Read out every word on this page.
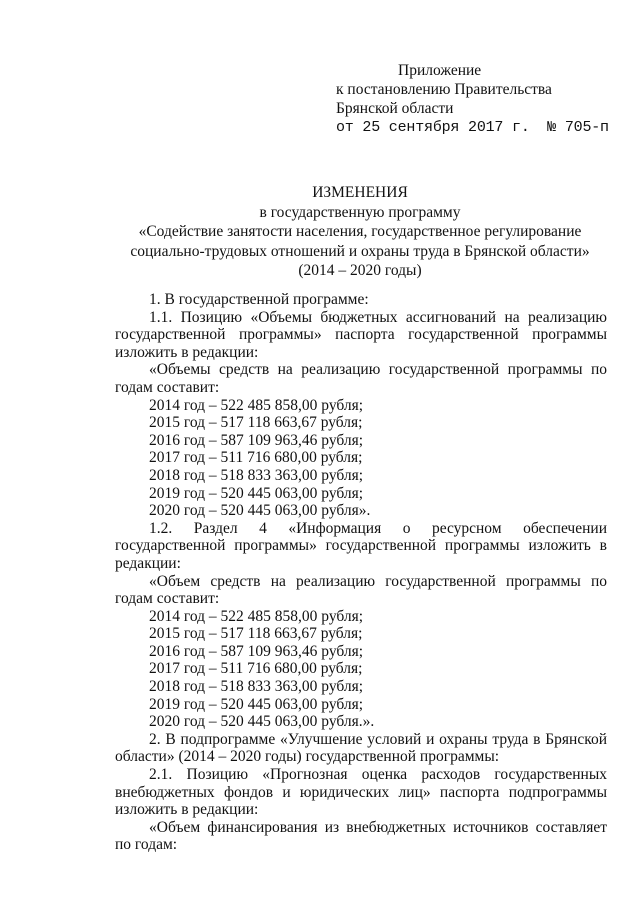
Приложение
к постановлению Правительства
Брянской области
от 25 сентября 2017 г.  № 705-п
ИЗМЕНЕНИЯ
в государственную программу
«Содействие занятости населения, государственное регулирование
социально-трудовых отношений и охраны труда в Брянской области»
(2014 – 2020 годы)

1. В государственной программе:

1.1. Позицию «Объемы бюджетных ассигнований на реализацию государственной программы» паспорта государственной программы изложить в редакции:

«Объемы средств на реализацию государственной программы по годам составит:

2014 год – 522 485 858,00 рубля;

2015 год – 517 118 663,67 рубля;

2016 год – 587 109 963,46 рубля;

2017 год – 511 716 680,00 рубля;

2018 год – 518 833 363,00 рубля;

2019 год – 520 445 063,00 рубля;

2020 год – 520 445 063,00 рубля».

1.2. Раздел 4 «Информация о ресурсном обеспечении государственной программы» государственной программы изложить в редакции:

«Объем средств на реализацию государственной программы по годам составит:

2014 год – 522 485 858,00 рубля;

2015 год – 517 118 663,67 рубля;

2016 год – 587 109 963,46 рубля;

2017 год – 511 716 680,00 рубля;

2018 год – 518 833 363,00 рубля;

2019 год – 520 445 063,00 рубля;

2020 год – 520 445 063,00 рубля.».

2. В подпрограмме «Улучшение условий и охраны труда в Брянской области» (2014 – 2020 годы) государственной программы:

2.1. Позицию «Прогнозная оценка расходов государственных внебюджетных фондов и юридических лиц» паспорта подпрограммы изложить в редакции:

«Объем финансирования из внебюджетных источников составляет по годам:
